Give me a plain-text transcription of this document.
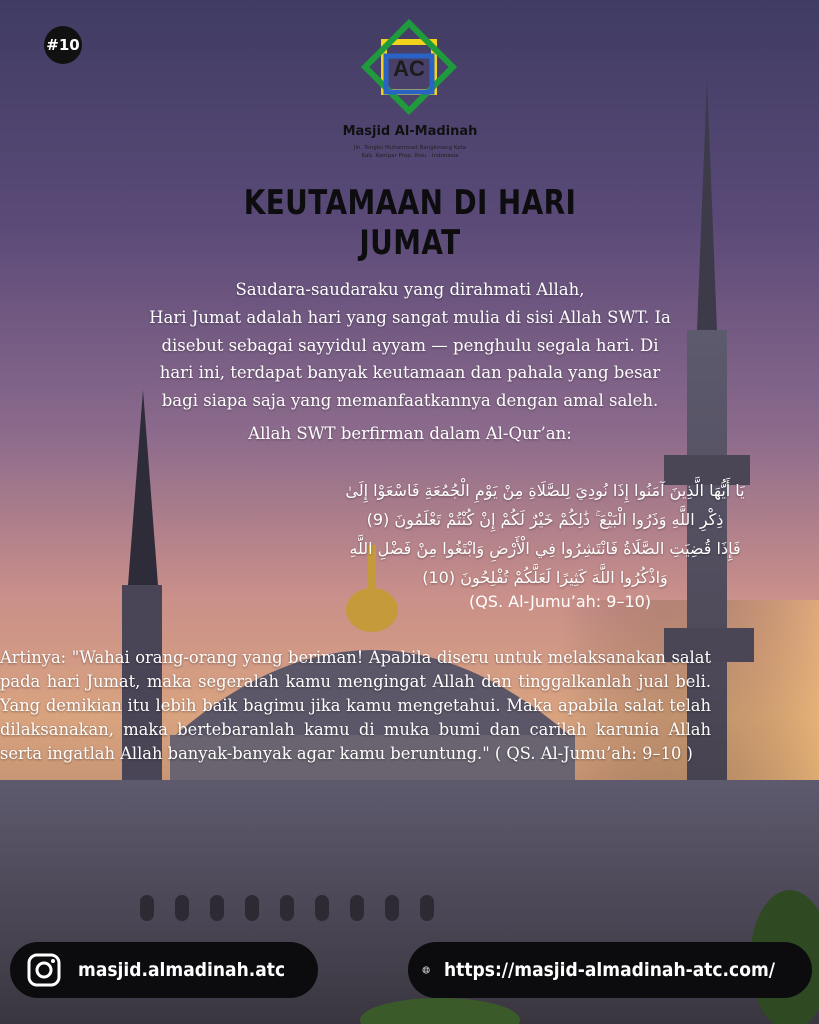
#10
AC
Masjid Al-Madinah
Jln. Tengku Muhammad Bangkinang Kota
Kab. Kampar Prop. Riau - Indonesia
KEUTAMAAN DI HARI JUMAT

Saudara-saudaraku yang dirahmati Allah,

Hari Jumat adalah hari yang sangat mulia di sisi Allah SWT. Ia

disebut sebagai sayyidul ayyam — penghulu segala hari. Di

hari ini, terdapat banyak keutamaan dan pahala yang besar

bagi siapa saja yang memanfaatkannya dengan amal saleh.

Allah SWT berfirman dalam Al-Qur’an:
يَا أَيُّهَا الَّذِينَ آمَنُوا إِذَا نُودِيَ لِلصَّلَاةِ مِنْ يَوْمِ الْجُمُعَةِ فَاسْعَوْا إِلَىٰ
ذِكْرِ اللَّهِ وَذَرُوا الْبَيْعَ ۚ ذَٰلِكُمْ خَيْرٌ لَكُمْ إِنْ كُنْتُمْ تَعْلَمُونَ (9)
فَإِذَا قُضِيَتِ الصَّلَاةُ فَانْتَشِرُوا فِي الْأَرْضِ وَابْتَغُوا مِنْ فَضْلِ اللَّهِ
وَاذْكُرُوا اللَّهَ كَثِيرًا لَعَلَّكُمْ تُفْلِحُونَ (10)
(QS. Al-Jumu’ah: 9–10)
Artinya: "Wahai orang-orang yang beriman! Apabila diseru untuk melaksanakan salat pada hari Jumat, maka segeralah kamu mengingat Allah dan tinggalkanlah jual beli. Yang demikian itu lebih baik bagimu jika kamu mengetahui. Maka apabila salat telah dilaksanakan, maka bertebaranlah kamu di muka bumi dan carilah karunia Allah serta ingatlah Allah banyak-banyak agar kamu beruntung." ( QS. Al-Jumu’ah: 9–10 )
masjid.almadinah.atc	https://masjid-almadinah-atc.com/
